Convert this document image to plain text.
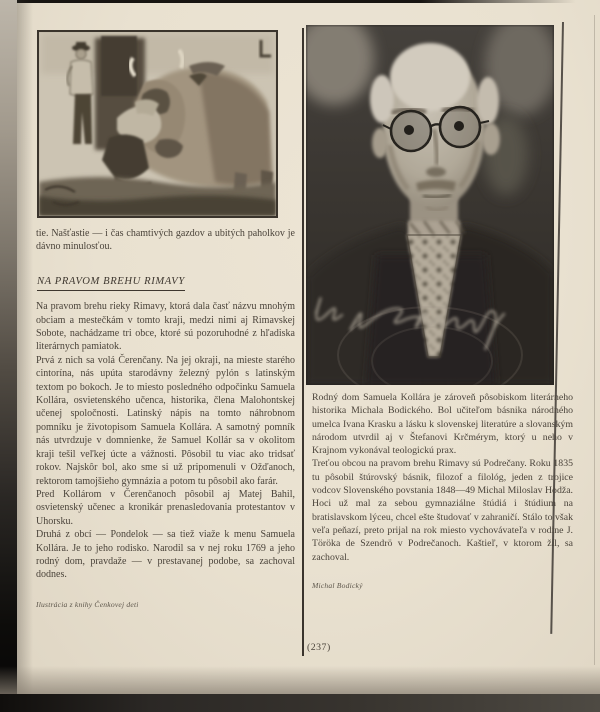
tie. Našťastie — i čas chamtivých gazdov a ubitých paholkov je dávno minulosťou.

NA PRAVOM BREHU RIMAVY

Na pravom brehu rieky Rimavy, ktorá dala časť názvu mnohým obciam a mestečkám v tomto kraji, medzi nimi aj Rimavskej Sobote, nachádzame tri obce, ktoré sú pozoruhodné z hľadiska literárnych pamiatok.

Prvá z nich sa volá Čerenčany. Na jej okraji, na mieste starého cintorína, nás upúta starodávny železný pylón s latinským textom po bokoch. Je to miesto posledného odpočinku Samuela Kollára, osvietenského učenca, historika, člena Malohontskej učenej spoločnosti. Latinský nápis na tomto náhrobnom pomníku je životopisom Samuela Kollára. A samotný pomník nás utvrdzuje v domnienke, že Samuel Kollár sa v okolitom kraji tešil veľkej úcte a vážnosti. Pôsobil tu viac ako tridsať rokov. Najskôr bol, ako sme si už pripomenuli v Ožďanoch, rektorom tamojšieho gymnázia a potom tu pôsobil ako farár.

Pred Kollárom v Čerenčanoch pôsobil aj Matej Bahil, osvietenský učenec a kronikár prenasledovania protestantov v Uhorsku.

Druhá z obcí — Pondelok — sa tiež viaže k menu Samuela Kollára. Je to jeho rodisko. Narodil sa v nej roku 1769 a jeho rodný dom, pravdaže — v prestavanej podobe, sa zachoval dodnes.

Ilustrácia z knihy Čenkovej deti

Rodný dom Samuela Kollára je zároveň pôsobiskom literárneho historika Michala Bodického. Bol učiteľom básnika národného umelca Ivana Krasku a lásku k slovenskej literatúre a slovanským národom utvrdil aj v Štefanovi Krčmérym, ktorý u neho v Krajnom vykonával teologickú prax.

Treťou obcou na pravom brehu Rimavy sú Podrečany. Roku 1835 tu pôsobil štúrovský básnik, filozof a filológ, jeden z trojice vodcov Slovenského povstania 1848—49 Michal Miloslav Hodža. Hoci už mal za sebou gymnaziálne štúdiá i štúdium na bratislavskom lýceu, chcel ešte študovať v zahraničí. Stálo to však veľa peňazí, preto prijal na rok miesto vychovávateľa v rodine J. Töröka de Szendrö v Podrečanoch. Kaštieľ, v ktorom žil, sa zachoval.

Michal Bodický

(237)
